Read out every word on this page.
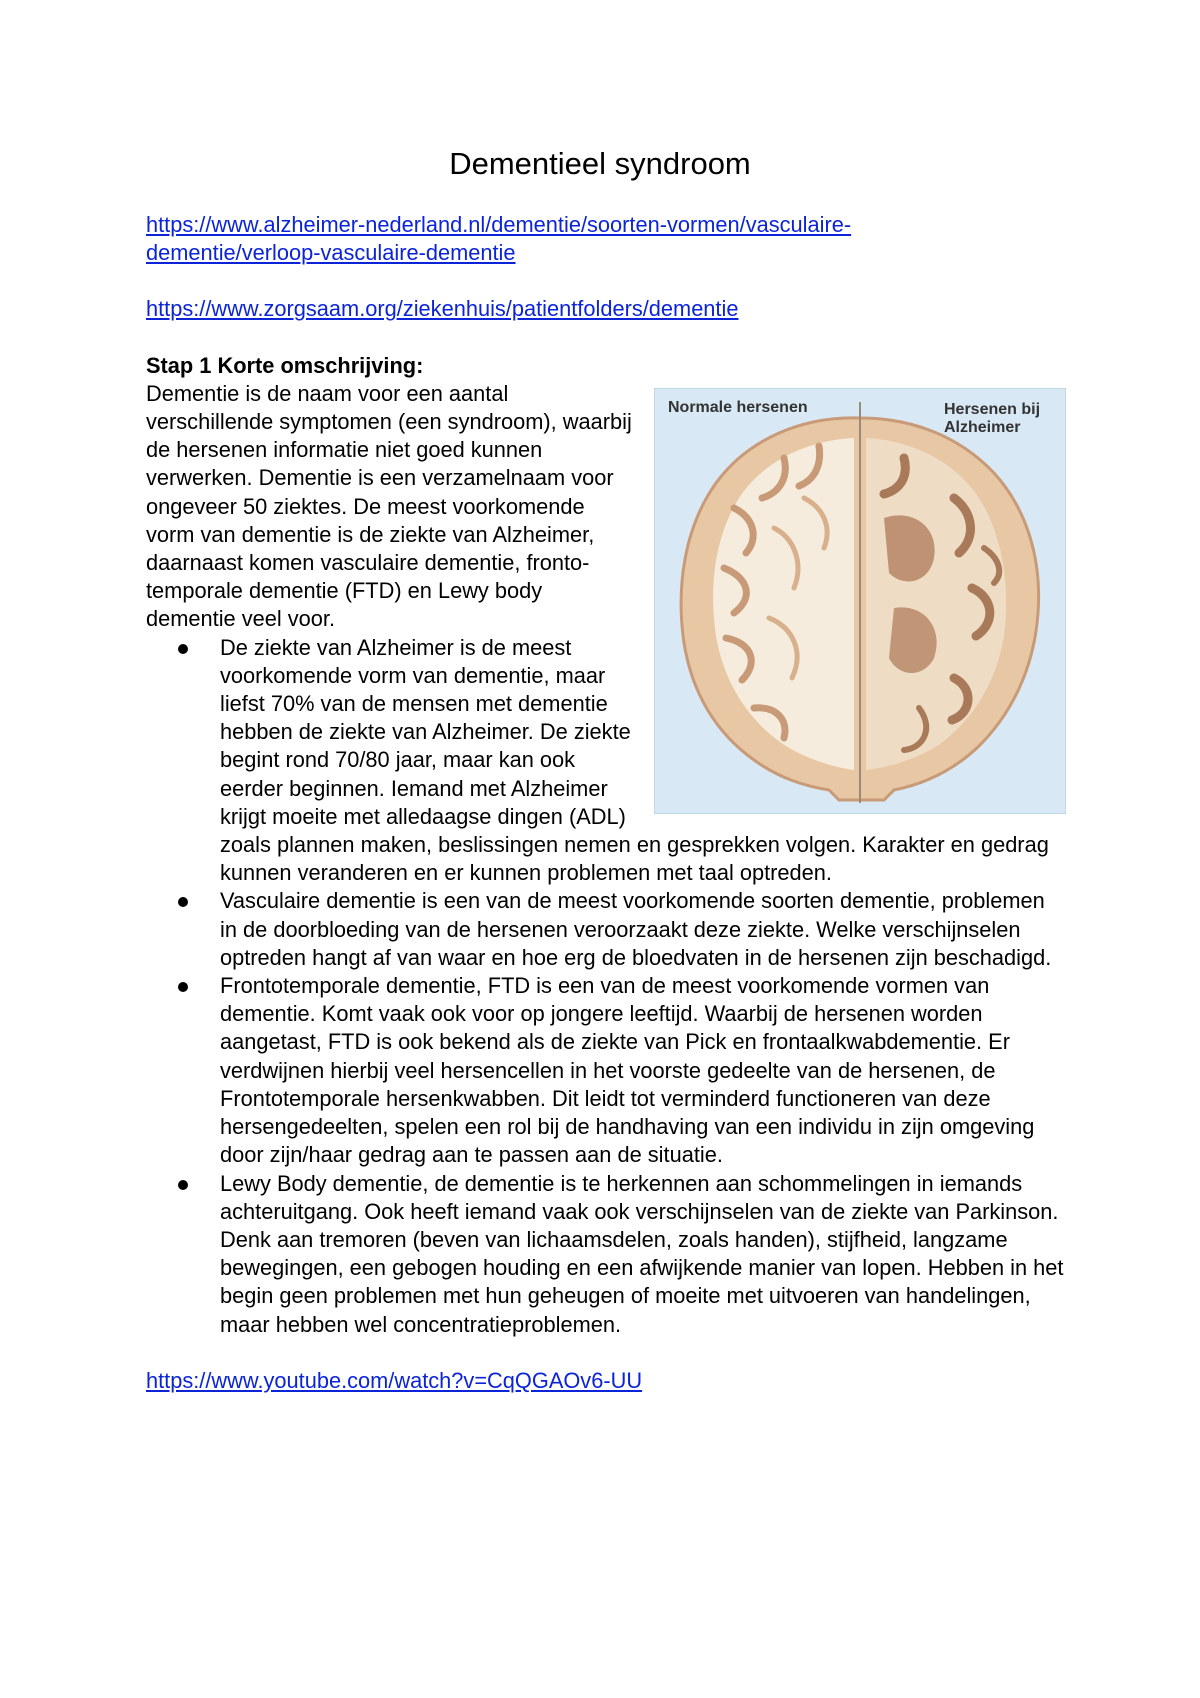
Dementieel syndroom

https://www.alzheimer-nederland.nl/dementie/soorten-vormen/vasculaire-
dementie/verloop-vasculaire-dementie

https://www.zorgsaam.org/ziekenhuis/patientfolders/dementie

Stap 1 Korte omschrijving:

Normale hersenen	Hersenen bij
Alzheimer

Dementie is de naam voor een aantal verschillende symptomen (een syndroom), waarbij de hersenen informatie niet goed kunnen verwerken. Dementie is een verzamelnaam voor ongeveer 50 ziektes. De meest voorkomende vorm van dementie is de ziekte van Alzheimer, daarnaast komen vasculaire dementie, fronto-temporale dementie (FTD) en Lewy body dementie veel voor.

De ziekte van Alzheimer is de meest voorkomende vorm van dementie, maar liefst 70% van de mensen met dementie hebben de ziekte van Alzheimer. De ziekte begint rond 70/80 jaar, maar kan ook eerder beginnen. Iemand met Alzheimer krijgt moeite met alledaagse dingen (ADL) zoals plannen maken, beslissingen nemen en gesprekken volgen. Karakter en gedrag kunnen veranderen en er kunnen problemen met taal optreden.
Vasculaire dementie is een van de meest voorkomende soorten dementie, problemen in de doorbloeding van de hersenen veroorzaakt deze ziekte. Welke verschijnselen optreden hangt af van waar en hoe erg de bloedvaten in de hersenen zijn beschadigd.
Frontotemporale dementie, FTD is een van de meest voorkomende vormen van dementie. Komt vaak ook voor op jongere leeftijd. Waarbij de hersenen worden aangetast, FTD is ook bekend als de ziekte van Pick en frontaalkwabdementie. Er verdwijnen hierbij veel hersencellen in het voorste gedeelte van de hersenen, de Frontotemporale hersenkwabben. Dit leidt tot verminderd functioneren van deze hersengedeelten, spelen een rol bij de handhaving van een individu in zijn omgeving door zijn/haar gedrag aan te passen aan de situatie.
Lewy Body dementie, de dementie is te herkennen aan schommelingen in iemands achteruitgang. Ook heeft iemand vaak ook verschijnselen van de ziekte van Parkinson. Denk aan tremoren (beven van lichaamsdelen, zoals handen), stijfheid, langzame bewegingen, een gebogen houding en een afwijkende manier van lopen. Hebben in het begin geen problemen met hun geheugen of moeite met uitvoeren van handelingen, maar hebben wel concentratieproblemen.

https://www.youtube.com/watch?v=CqQGAOv6-UU
